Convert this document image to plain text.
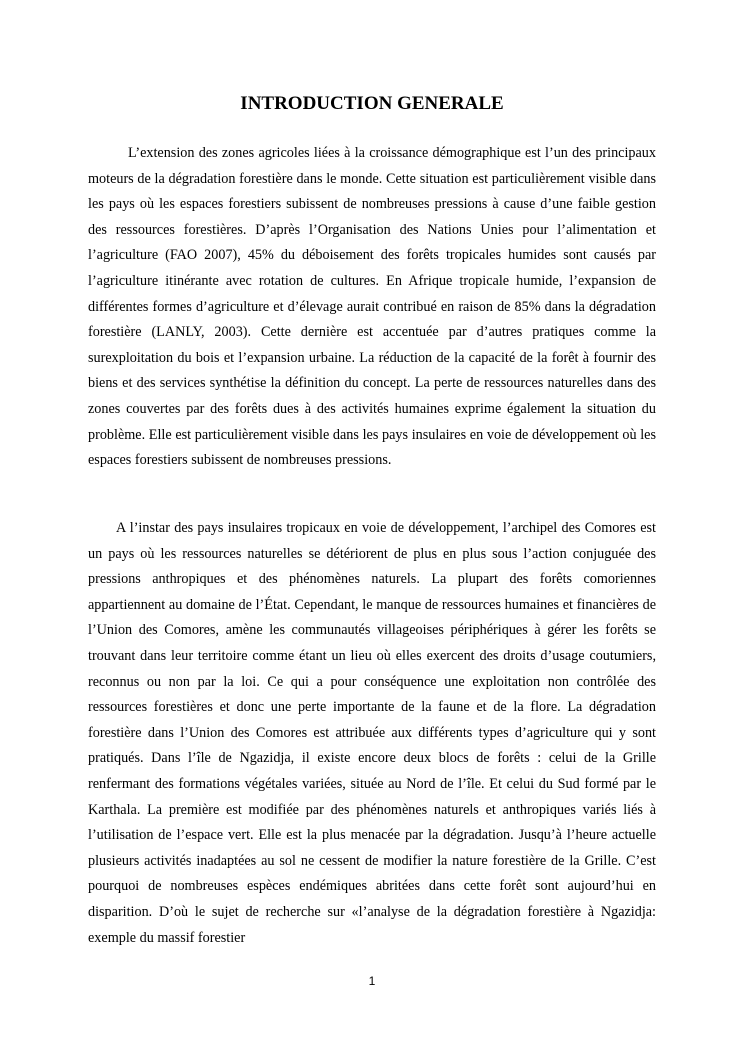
INTRODUCTION GENERALE

L’extension des zones agricoles liées à la croissance démographique est l’un des principaux moteurs de la dégradation forestière dans le monde. Cette situation est particulièrement visible dans les pays où les espaces forestiers subissent de nombreuses pressions à cause d’une faible gestion des ressources forestières. D’après l’Organisation des Nations Unies pour l’alimentation et l’agriculture (FAO 2007), 45% du déboisement des forêts tropicales humides sont causés par l’agriculture itinérante avec rotation de cultures. En Afrique tropicale humide, l’expansion de différentes formes d’agriculture et d’élevage aurait contribué en raison de 85% dans la dégradation forestière (LANLY, 2003). Cette dernière est accentuée par d’autres pratiques comme la surexploitation du bois et l’expansion urbaine. La réduction de la capacité de la forêt à fournir des biens et des services synthétise la définition du concept. La perte de ressources naturelles dans des zones couvertes par des forêts dues à des activités humaines exprime également la situation du problème. Elle est particulièrement visible dans les pays insulaires en voie de développement où les espaces forestiers subissent de nombreuses pressions.

A l’instar des pays insulaires tropicaux en voie de développement, l’archipel des Comores est un pays où les ressources naturelles se détériorent de plus en plus sous l’action conjuguée des pressions anthropiques et des phénomènes naturels. La plupart des forêts comoriennes appartiennent au domaine de l’État. Cependant, le manque de ressources humaines et financières de l’Union des Comores, amène les communautés villageoises périphériques à gérer les forêts se trouvant dans leur territoire comme étant un lieu où elles exercent des droits d’usage coutumiers, reconnus ou non par la loi. Ce qui a pour conséquence une exploitation non contrôlée des ressources forestières et donc une perte importante de la faune et de la flore. La dégradation forestière dans l’Union des Comores est attribuée aux différents types d’agriculture qui y sont pratiqués. Dans l’île de Ngazidja, il existe encore deux blocs de forêts : celui de la Grille renfermant des formations végétales variées, située au Nord de l’île. Et celui du Sud formé par le Karthala. La première est modifiée par des phénomènes naturels et anthropiques variés liés à l’utilisation de l’espace vert. Elle est la plus menacée par la dégradation. Jusqu’à l’heure actuelle plusieurs activités inadaptées au sol ne cessent de modifier la nature forestière de la Grille. C’est pourquoi de nombreuses espèces endémiques abritées dans cette forêt sont aujourd’hui en disparition. D’où le sujet de recherche sur «l’analyse de la dégradation forestière à Ngazidja: exemple du massif forestier

1
